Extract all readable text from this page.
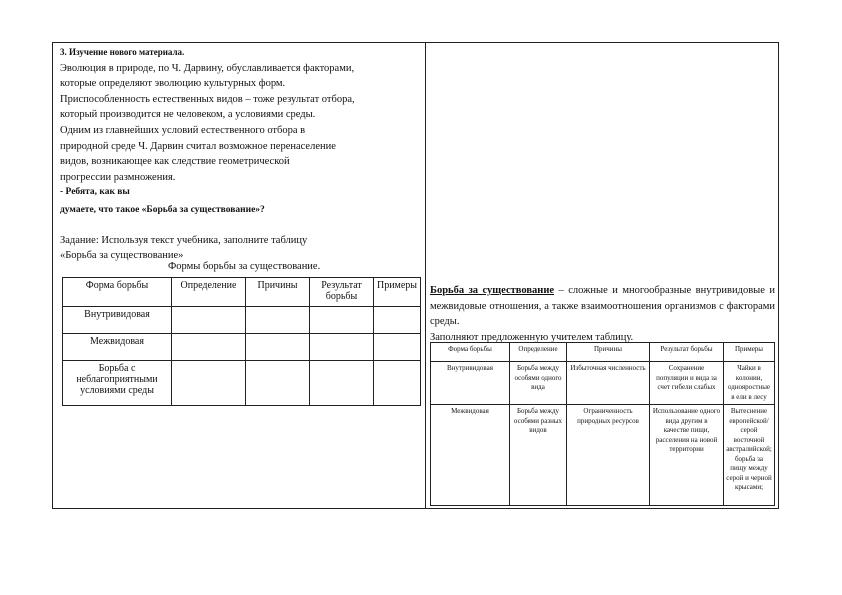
3. Изучение нового материала.

Эволюция в природе, по Ч. Дарвину, обуславливается факторами,

которые определяют эволюцию культурных форм.

Приспособленность естественных видов – тоже результат отбора,

который производится не человеком, а условиями среды.

Одним из главнейших условий естественного отбора в

природной среде Ч. Дарвин считал возможное перенаселение

видов, возникающее как следствие геометрической

прогрессии размножения.

- Ребята, как вы

думаете, что такое «Борьба за существование»?

Задание: Используя текст учебника, заполните таблицу

«Борьба за существование»

Формы борьбы за существование.
Форма борьбы	Определение	Причины	Результат борьбы	Примеры
Внутривидовая				
Межвидовая				
Борьба с неблагоприятными условиями среды				

Борьба за существование – сложные и многообразные внутривидовые и межвидовые отношения, а также взаимоотношения организмов с факторами среды.

Заполняют предложенную учителем таблицу.

Форма борьбы	Определение	Причины	Результат борьбы	Примеры
Внутривидовая	Борьба между особями одного вида	Избыточная численность	Сохранение популяции и вида за счет гибели слабых	Чайки в колонии, однояростные в ели в лесу
Межвидовая	Борьба между особями разных видов	Ограниченность природных ресурсов	Использование одного вида другим в качестве пищи, расселения на новой территории	Вытеснение европейской/ серой восточной австралийской; борьба за пищу между серой и черной крысами;
